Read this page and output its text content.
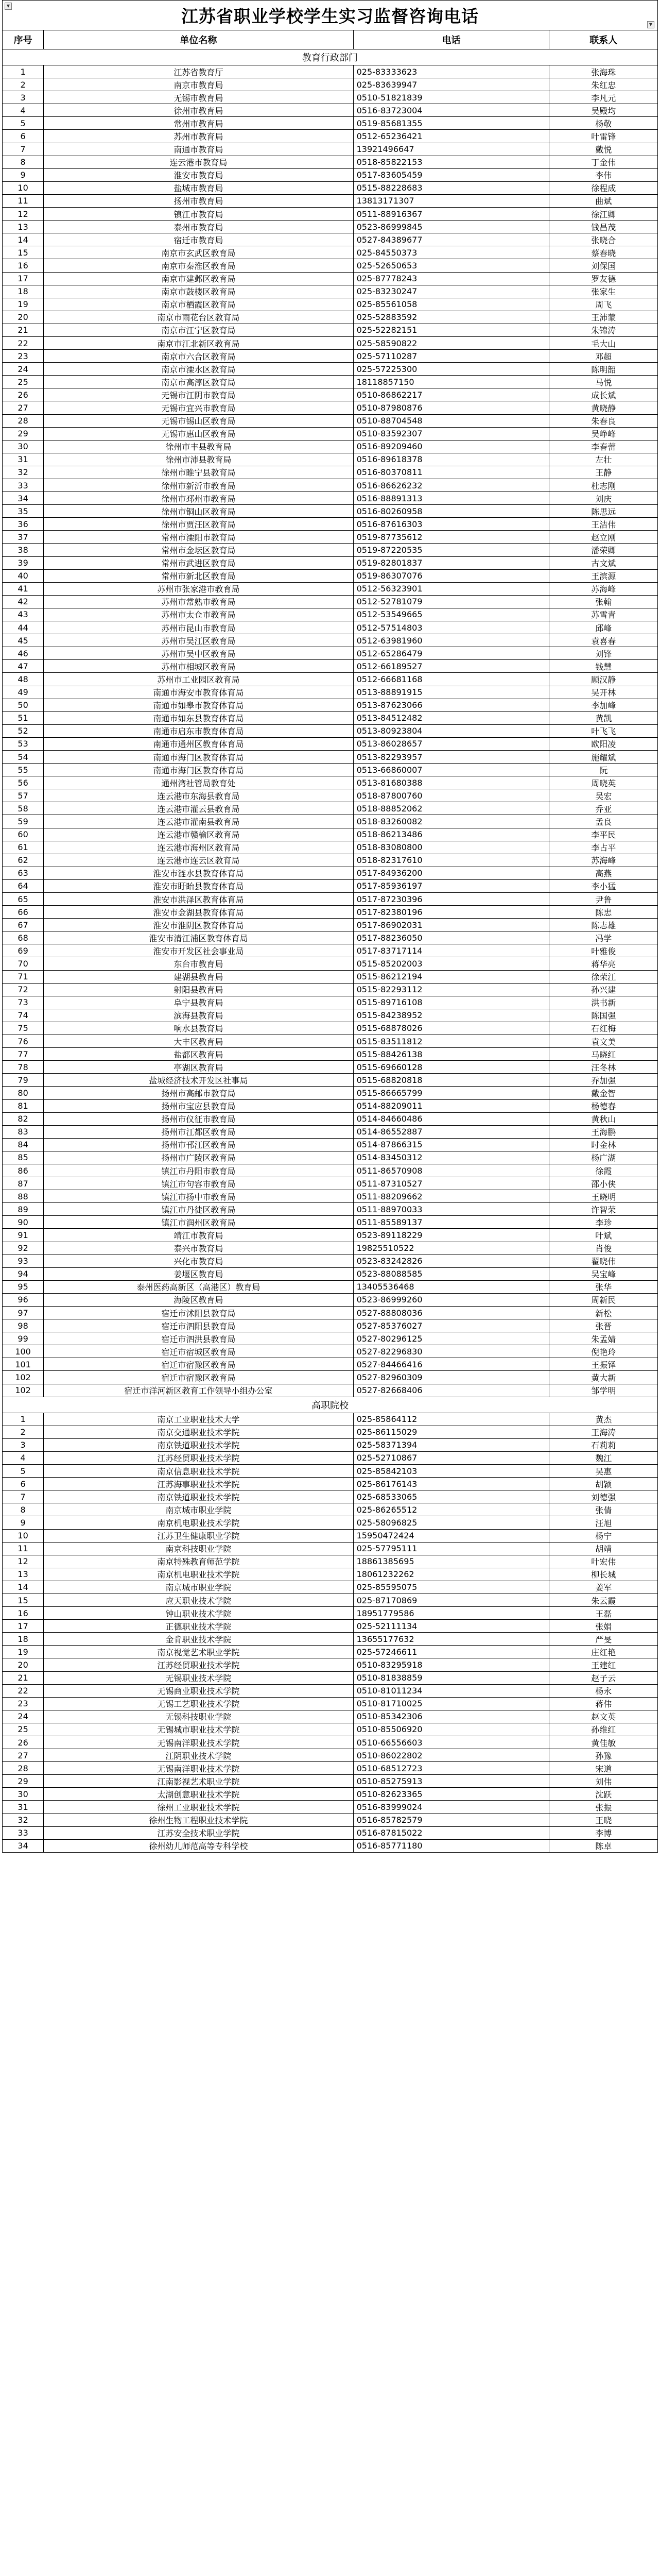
▼
江苏省职业学校学生实习监督咨询电话	▼
序号	单位名称	电话	联系人
教育行政部门			
1	江苏省教育厅	025-83333623	张海珠
2	南京市教育局	025-83639947	朱红忠
3	无锡市教育局	0510-51821839	李凡元
4	徐州市教育局	0516-83723004	吴殿均
5	常州市教育局	0519-85681355	杨敬
6	苏州市教育局	0512-65236421	叶雷锋
7	南通市教育局	13921496647	戴悦
8	连云港市教育局	0518-85822153	丁金伟
9	淮安市教育局	0517-83605459	李伟
10	盐城市教育局	0515-88228683	徐程成
11	扬州市教育局	13813171307	曲斌
12	镇江市教育局	0511-88916367	徐江卿
13	泰州市教育局	0523-86999845	钱昌茂
14	宿迁市教育局	0527-84389677	张晓合
15	南京市玄武区教育局	025-84550373	蔡春晓
16	南京市秦淮区教育局	025-52650653	刘保国
17	南京市建邺区教育局	025-87778243	罗友德
18	南京市鼓楼区教育局	025-83230247	张家生
19	南京市栖霞区教育局	025-85561058	周飞
20	南京市雨花台区教育局	025-52883592	王沛蒙
21	南京市江宁区教育局	025-52282151	朱锦涛
22	南京市江北新区教育局	025-58590822	毛大山
23	南京市六合区教育局	025-57110287	邓超
24	南京市溧水区教育局	025-57225300	陈明韶
25	南京市高淳区教育局	18118857150	马悦
26	无锡市江阴市教育局	0510-86862217	成长斌
27	无锡市宜兴市教育局	0510-87980876	黄晓静
28	无锡市锡山区教育局	0510-88704548	朱春良
29	无锡市惠山区教育局	0510-83592307	吴峥峰
30	徐州市丰县教育局	0516-89209460	李春蕾
31	徐州市沛县教育局	0516-89618378	左壮
32	徐州市睢宁县教育局	0516-80370811	王静
33	徐州市新沂市教育局	0516-86626232	杜志刚
34	徐州市邳州市教育局	0516-88891313	刘庆
35	徐州市铜山区教育局	0516-80260958	陈思远
36	徐州市贾汪区教育局	0516-87616303	王洁伟
37	常州市溧阳市教育局	0519-87735612	赵立刚
38	常州市金坛区教育局	0519-87220535	潘荣卿
39	常州市武进区教育局	0519-82801837	古文斌
40	常州市新北区教育局	0519-86307076	王滨源
41	苏州市张家港市教育局	0512-56323901	苏海峰
42	苏州市常熟市教育局	0512-52781079	张翰
43	苏州市太仓市教育局	0512-53549665	苏雪青
44	苏州市昆山市教育局	0512-57514803	邱峰
45	苏州市吴江区教育局	0512-63981960	袁喜春
46	苏州市吴中区教育局	0512-65286479	刘锋
47	苏州市相城区教育局	0512-66189527	钱慧
48	苏州市工业园区教育局	0512-66681168	顾汉静
49	南通市海安市教育体育局	0513-88891915	吴开林
50	南通市如皋市教育体育局	0513-87623066	李加峰
51	南通市如东县教育体育局	0513-84512482	黄凯
52	南通市启东市教育体育局	0513-80923804	叶飞飞
53	南通市通州区教育体育局	0513-86028657	欧阳凌
54	南通市海门区教育体育局	0513-82293957	施耀斌
55	南通市海门区教育体育局	0513-66860007	阮
56	通州湾社管局教育处	0513-81680388	周晓英
57	连云港市东海县教育局	0518-87800760	吴宏
58	连云港市灌云县教育局	0518-88852062	乔亚
59	连云港市灌南县教育局	0518-83260082	孟良
60	连云港市赣榆区教育局	0518-86213486	李平民
61	连云港市海州区教育局	0518-83080800	李占平
62	连云港市连云区教育局	0518-82317610	苏海峰
63	淮安市涟水县教育体育局	0517-84936200	高燕
64	淮安市盱眙县教育体育局	0517-85936197	李小猛
65	淮安市洪泽区教育体育局	0517-87230396	尹鲁
66	淮安市金湖县教育体育局	0517-82380196	陈忠
67	淮安市淮阴区教育体育局	0517-86902031	陈志雄
68	淮安市清江浦区教育体育局	0517-88236050	冯学
69	淮安市开发区社会事业局	0517-83717114	叶雅俊
70	东台市教育局	0515-85202003	蒋华亮
71	建湖县教育局	0515-86212194	徐荣江
72	射阳县教育局	0515-82293112	孙兴建
73	阜宁县教育局	0515-89716108	洪书新
74	滨海县教育局	0515-84238952	陈国强
75	响水县教育局	0515-68878026	石红梅
76	大丰区教育局	0515-83511812	袁文美
77	盐都区教育局	0515-88426138	马晓红
78	亭湖区教育局	0515-69660128	汪冬林
79	盐城经济技术开发区社事局	0515-68820818	乔加强
80	扬州市高邮市教育局	0515-86665799	戴金智
81	扬州市宝应县教育局	0514-88209011	杨德春
82	扬州市仪征市教育局	0514-84660486	黄秋山
83	扬州市江都区教育局	0514-86552887	王海鹏
84	扬州市邗江区教育局	0514-87866315	时金林
85	扬州市广陵区教育局	0514-83450312	杨广湖
86	镇江市丹阳市教育局	0511-86570908	徐霞
87	镇江市句容市教育局	0511-87310527	邵小侠
88	镇江市扬中市教育局	0511-88209662	王晓明
89	镇江市丹徒区教育局	0511-88970033	许智荣
90	镇江市润州区教育局	0511-85589137	李珍
91	靖江市教育局	0523-89118229	叶斌
92	泰兴市教育局	19825510522	肖俊
93	兴化市教育局	0523-83242826	翟晓伟
94	姜堰区教育局	0523-88088585	吴宝峰
95	泰州医药高新区（高港区）教育局	13405536468	张华
96	海陵区教育局	0523-86999260	周新民
97	宿迁市沭阳县教育局	0527-88808036	新松
98	宿迁市泗阳县教育局	0527-85376027	张晋
99	宿迁市泗洪县教育局	0527-80296125	朱孟婧
100	宿迁市宿城区教育局	0527-82296830	倪艳玲
101	宿迁市宿豫区教育局	0527-84466416	王振铎
102	宿迁市宿豫区教育局	0527-82960309	黄大新
102	宿迁市洋河新区教育工作领导小组办公室	0527-82668406	邹学明
高职院校			
1	南京工业职业技术大学	025-85864112	黄杰
2	南京交通职业技术学院	025-86115029	王海涛
3	南京铁道职业技术学院	025-58371394	石莉莉
4	江苏经贸职业技术学院	025-52710867	魏江
5	南京信息职业技术学院	025-85842103	吴惠
6	江苏海事职业技术学院	025-86176143	胡颖
7	南京铁道职业技术学院	025-68533065	刘德强
8	南京城市职业学院	025-86265512	张倩
9	南京机电职业技术学院	025-58096825	汪旭
10	江苏卫生健康职业学院	15950472424	杨宁
11	南京科技职业学院	025-57795111	胡靖
12	南京特殊教育师范学院	18861385695	叶宏伟
13	南京机电职业技术学院	18061232262	柳长城
14	南京城市职业学院	025-85595075	姜军
15	应天职业技术学院	025-87170869	朱云霞
16	钟山职业技术学院	18951779586	王磊
17	正德职业技术学院	025-52111134	张娟
18	金肯职业技术学院	13655177632	严旻
19	南京视觉艺术职业学院	025-57246611	庄红艳
20	江苏经贸职业技术学院	0510-83295918	王建红
21	无锡职业技术学院	0510-81838859	赵子云
22	无锡商业职业技术学院	0510-81011234	杨永
23	无锡工艺职业技术学院	0510-81710025	蒋伟
24	无锡科技职业学院	0510-85342306	赵文英
25	无锡城市职业技术学院	0510-85506920	孙维红
26	无锡南洋职业技术学院	0510-66556603	黄佳敏
27	江阴职业技术学院	0510-86022802	孙豫
28	无锡南洋职业技术学院	0510-68512723	宋道
29	江南影视艺术职业学院	0510-85275913	刘伟
30	太湖创意职业技术学院	0510-82623365	沈跃
31	徐州工业职业技术学院	0516-83999024	张振
32	徐州生物工程职业技术学院	0516-85782579	王晓
33	江苏安全技术职业学院	0516-87815022	李博
34	徐州幼儿师范高等专科学校	0516-85771180	陈卓
